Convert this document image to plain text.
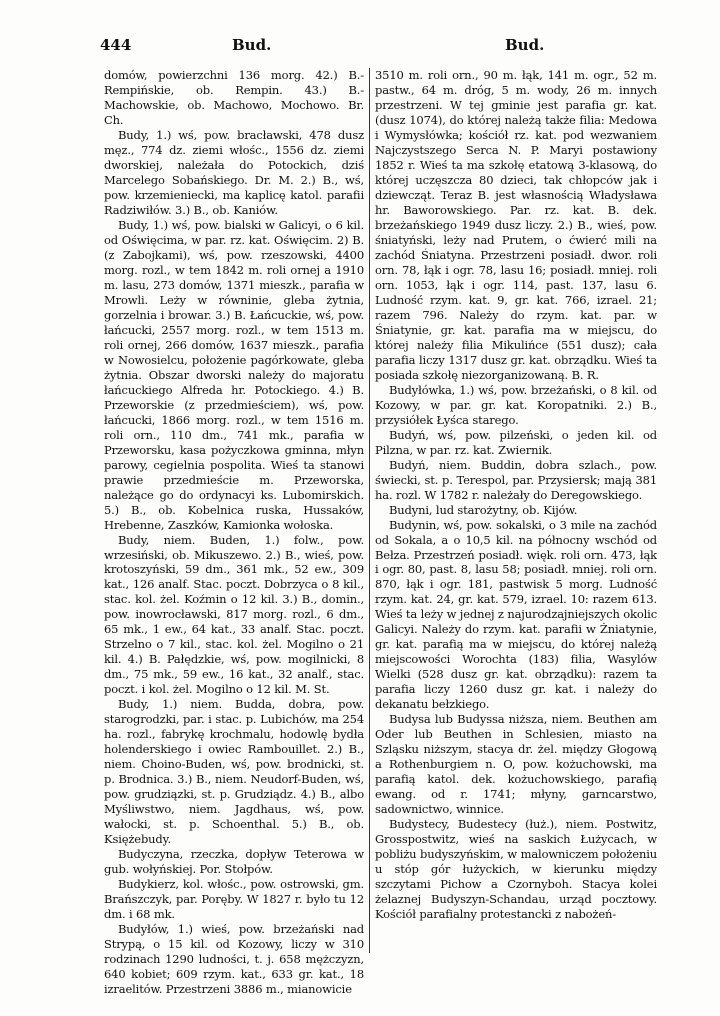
444	Bud.	Bud.

domów, powierzchni 136 morg. 42.) B.-Rempińskie, ob. Rempin. 43.) B.-Machowskie, ob. Machowo, Mochowo. Br. Ch.

Budy, 1.) wś, pow. bracławski, 478 dusz męz., 774 dz. ziemi włośc., 1556 dz. ziemi dworskiej, należała do Potockich, dziś Marcelego Sobańskiego. Dr. M. 2.) B., wś, pow. krzemieniecki, ma kaplicę katol. parafii Radziwiłów. 3.) B., ob. Kaniów.

Budy, 1.) wś, pow. bialski w Galicyi, o 6 kil. od Oświęcima, w par. rz. kat. Oświęcim. 2) B. (z Zabojkami), wś, pow. rzeszowski, 4400 morg. rozl., w tem 1842 m. roli ornej a 1910 m. lasu, 273 domów, 1371 mieszk., parafia w Mrowli. Leży w równinie, gleba żytnia, gorzelnia i browar. 3.) B. Łańcuckie, wś, pow. łańcucki, 2557 morg. rozl., w tem 1513 m. roli ornej, 266 domów, 1637 mieszk., parafia w Nowosielcu, położenie pagórkowate, gleba żytnia. Obszar dworski należy do majoratu łańcuckiego Alfreda hr. Potockiego. 4.) B. Przeworskie (z przedmieściem), wś, pow. łańcucki, 1866 morg. rozl., w tem 1516 m. roli orn., 110 dm., 741 mk., parafia w Przeworsku, kasa pożyczkowa gminna, młyn parowy, cegielnia pospolita. Wieś ta stanowi prawie przedmieście m. Przeworska, należące go do ordynacyi ks. Lubomirskich. 5.) B., ob. Kobelnica ruska, Hussaków, Hrebenne, Zaszków, Kamionka wołoska.

Budy, niem. Buden, 1.) folw., pow. wrzesiński, ob. Mikuszewo. 2.) B., wieś, pow. krotoszyński, 59 dm., 361 mk., 52 ew., 309 kat., 126 analf. Stac. poczt. Dobrzyca o 8 kil., stac. kol. żel. Koźmin o 12 kil. 3.) B., domin., pow. inowrocławski, 817 morg. rozl., 6 dm., 65 mk., 1 ew., 64 kat., 33 analf. Stac. poczt. Strzelno o 7 kil., stac. kol. żel. Mogilno o 21 kil. 4.) B. Pałędzkie, wś, pow. mogilnicki, 8 dm., 75 mk., 59 ew., 16 kat., 32 analf., stac. poczt. i kol. żel. Mogilno o 12 kil. M. St.

Budy, 1.) niem. Budda, dobra, pow. starogrodzki, par. i stac. p. Lubichów, ma 254 ha. rozl., fabrykę krochmalu, hodowlę bydła holenderskiego i owiec Rambouillet. 2.) B., niem. Choino-Buden, wś, pow. brodnicki, st. p. Brodnica. 3.) B., niem. Neudorf-Buden, wś, pow. grudziązki, st. p. Grudziądz. 4.) B., albo Myśliwstwo, niem. Jagdhaus, wś, pow. wałocki, st. p. Schoenthal. 5.) B., ob. Księżebudy.

Budyczyna, rzeczka, dopływ Teterowa w gub. wołyńskiej. Por. Stołpów.

Budykierz, kol. włośc., pow. ostrowski, gm. Brańszczyk, par. Poręby. W 1827 r. było tu 12 dm. i 68 mk.

Budyłów, 1.) wieś, pow. brzeżański nad Strypą, o 15 kil. od Kozowy, liczy w 310 rodzinach 1290 ludności, t. j. 658 mężczyzn, 640 kobiet; 609 rzym. kat., 633 gr. kat., 18 izraelitów. Przestrzeni 3886 m., mianowicie

3510 m. roli orn., 90 m. łąk, 141 m. ogr., 52 m. pastw., 64 m. dróg, 5 m. wody, 26 m. innych przestrzeni. W tej gminie jest parafia gr. kat. (dusz 1074), do której należą także filia: Medowa i Wymysłówka; kościół rz. kat. pod wezwaniem Najczystszego Serca N. P. Maryi postawiony 1852 r. Wieś ta ma szkołę etatową 3-klasową, do której uczęszcza 80 dzieci, tak chłopców jak i dziewcząt. Teraz B. jest własnością Władysława hr. Baworowskiego. Par. rz. kat. B. dek. brzeżańskiego 1949 dusz liczy. 2.) B., wieś, pow. śniatyński, leży nad Prutem, o ćwierć mili na zachód Śniatyna. Przestrzeni posiadł. dwor. roli orn. 78, łąk i ogr. 78, lasu 16; posiadł. mniej. roli orn. 1053, łąk i ogr. 114, past. 137, lasu 6. Ludność rzym. kat. 9, gr. kat. 766, izrael. 21; razem 796. Należy do rzym. kat. par. w Śniatynie, gr. kat. parafia ma w miejscu, do której należy filia Mikulińce (551 dusz); cała parafia liczy 1317 dusz gr. kat. obrządku. Wieś ta posiada szkołę niezorganizowaną. B. R.

Budyłówka, 1.) wś, pow. brzeżański, o 8 kil. od Kozowy, w par. gr. kat. Koropatniki. 2.) B., przysiółek Łyśca starego.

Budyń, wś, pow. pilzeński, o jeden kil. od Pilzna, w par. rz. kat. Zwiernik.

Budyń, niem. Buddin, dobra szlach., pow. świecki, st. p. Terespol, par. Przysiersk; mają 381 ha. rozl. W 1782 r. należały do Deregowskiego.

Budyni, lud starożytny, ob. Kijów.

Budynin, wś, pow. sokalski, o 3 mile na zachód od Sokala, a o 10,5 kil. na północny wschód od Bełza. Przestrzeń posiadł. więk. roli orn. 473, łąk i ogr. 80, past. 8, lasu 58; posiadł. mniej. roli orn. 870, łąk i ogr. 181, pastwisk 5 morg. Ludność rzym. kat. 24, gr. kat. 579, izrael. 10: razem 613. Wieś ta leży w jednej z najurodzajniejszych okolic Galicyi. Należy do rzym. kat. parafii w Żniatynie, gr. kat. parafią ma w miejscu, do której należą miejscowości Worochta (183) filia, Wasylów Wielki (528 dusz gr. kat. obrządku): razem ta parafia liczy 1260 dusz gr. kat. i należy do dekanatu bełzkiego.

Budysa lub Budyssa niższa, niem. Beuthen am Oder lub Beuthen in Schlesien, miasto na Szląsku niższym, stacya dr. żel. między Głogową a Rothenburgiem n. O, pow. kożuchowski, ma parafią katol. dek. kożuchowskiego, parafią ewang. od r. 1741; młyny, garncarstwo, sadownictwo, winnice.

Budystecy, Budestecy (łuż.), niem. Postwitz, Grosspostwitz, wieś na saskich Łużycach, w pobliżu budyszyńskim, w malowniczem położeniu u stóp gór łużyckich, w kierunku między szczytami Pichow a Czornyboh. Stacya kolei żelaznej Budyszyn-Schandau, urząd pocztowy. Kościół parafialny protestancki z nabożeń-
